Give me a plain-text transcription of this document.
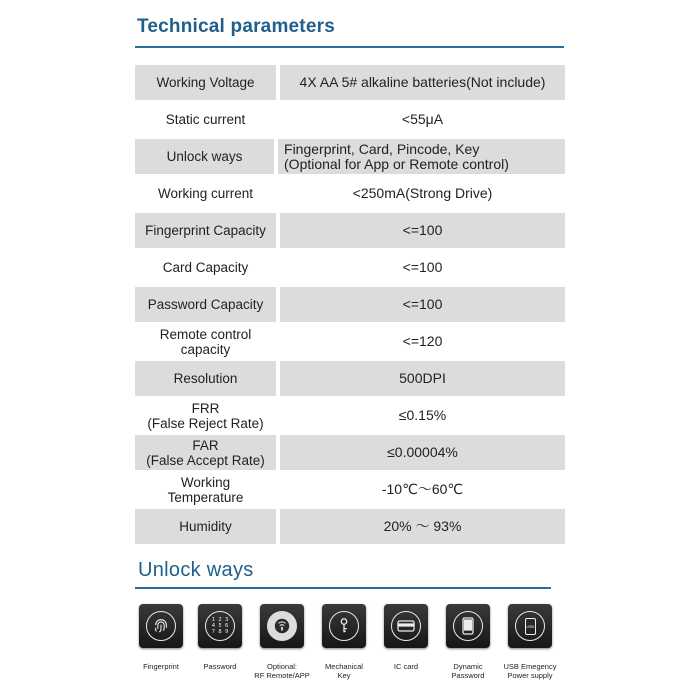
Technical parameters
Working Voltage	4X AA 5# alkaline batteries(Not include)
Static current	<55μA
Unlock ways	Fingerprint, Card, Pincode, Key
(Optional for App or Remote control)
Working current	<250mA(Strong Drive)
Fingerprint Capacity	<=100
Card Capacity	<=100
Password Capacity	<=100
Remote control
capacity	<=120
Resolution	500DPI
FRR
(False Reject Rate)	≤0.15%
FAR
(False Accept Rate)	≤0.00004%
Working
Temperature	-10℃～60℃
Humidity	20% ～ 93%
Unlock ways
Fingerprint
1 2 3
4 5 6
7 8 9
Password	Optional:
RF Remote/APP
Mechanical
Key
IC card	Dynamic
Password
USB
USB Emegency
Power supply
